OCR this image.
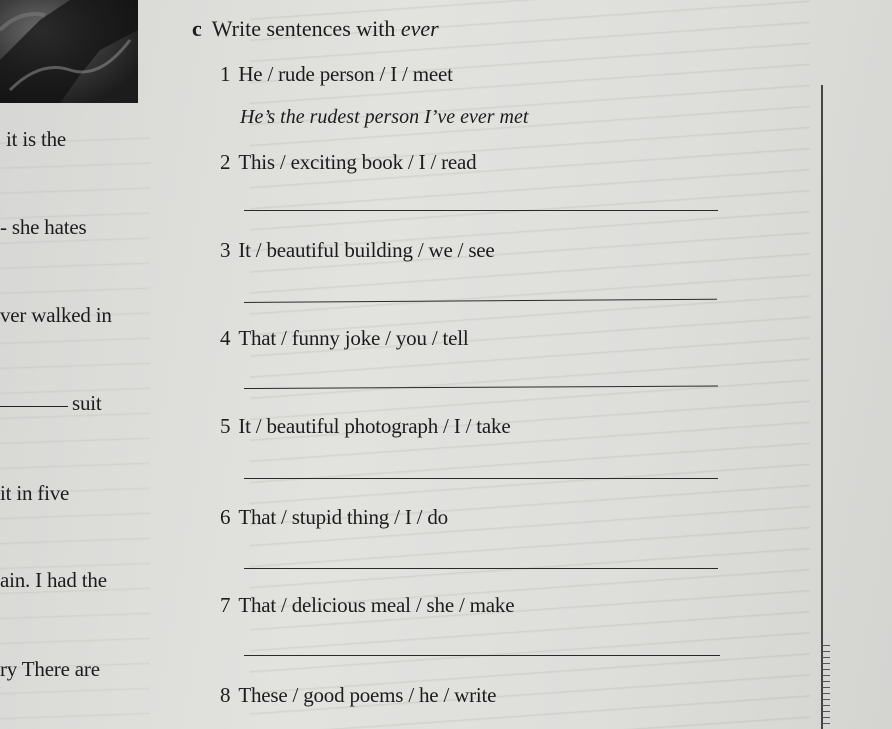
it is the
- she hates
ver walked in
suit
it in five
ain. I had the
ry There are
c Write sentences with ever
1 He / rude person / I / meet
He’s the rudest person I’ve ever met
2 This / exciting book / I / read
3 It / beautiful building / we / see
4 That / funny joke / you / tell
5 It / beautiful photograph / I / take
6 That / stupid thing / I / do
7 That / delicious meal / she / make
8 These / good poems / he / write
